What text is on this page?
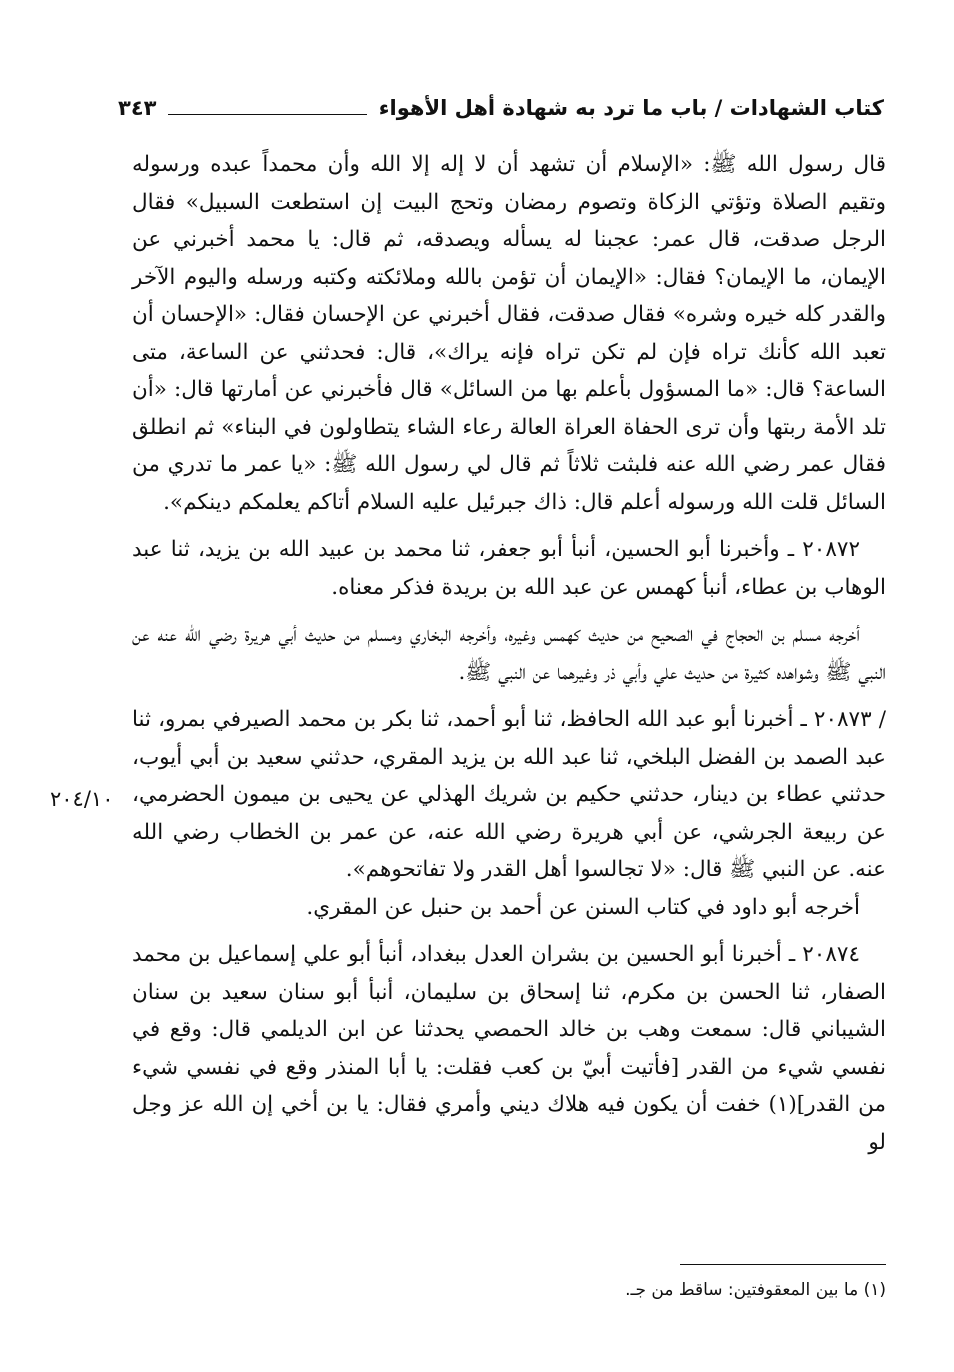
كتاب الشهادات / باب ما ترد به شهادة أهل الأهواء
٣٤٣
٢٠٤/١٠

قال رسول الله ﷺ: «الإسلام أن تشهد أن لا إله إلا الله وأن محمداً عبده ورسوله وتقيم الصلاة وتؤتي الزكاة وتصوم رمضان وتحج البيت إن استطعت السبيل» فقال الرجل صدقت، قال عمر: عجبنا له يسأله ويصدقه، ثم قال: يا محمد أخبرني عن الإيمان، ما الإيمان؟ فقال: «الإيمان أن تؤمن بالله وملائكته وكتبه ورسله واليوم الآخر والقدر كله خيره وشره» فقال صدقت، فقال أخبرني عن الإحسان فقال: «الإحسان أن تعبد الله كأنك تراه فإن لم تكن تراه فإنه يراك»، قال: فحدثني عن الساعة، متى الساعة؟ قال: «ما المسؤول بأعلم بها من السائل» قال فأخبرني عن أمارتها قال: «أن تلد الأمة ربتها وأن ترى الحفاة العراة العالة رعاء الشاء يتطاولون في البناء» ثم انطلق فقال عمر رضي الله عنه فلبثت ثلاثاً ثم قال لي رسول الله ﷺ: «يا عمر ما تدري من السائل قلت الله ورسوله أعلم قال: ذاك جبرئيل عليه السلام أتاكم يعلمكم دينكم».

٢٠٨٧٢ ـ وأخبرنا أبو الحسين، أنبأ أبو جعفر، ثنا محمد بن عبيد الله بن يزيد، ثنا عبد الوهاب بن عطاء، أنبأ كهمس عن عبد الله بن بريدة فذكر معناه.

أخرجه مسلم بن الحجاج في الصحيح من حديث كهمس وغيره، وأخرجه البخاري ومسلم من حديث أبي هريرة رضي الله عنه عن النبي ﷺ وشواهده كثيرة من حديث علي وأبي ذر وغيرهما عن النبي ﷺ.

/ ٢٠٨٧٣ ـ أخبرنا أبو عبد الله الحافظ، ثنا أبو أحمد، ثنا بكر بن محمد الصيرفي بمرو، ثنا عبد الصمد بن الفضل البلخي، ثنا عبد الله بن يزيد المقري، حدثني سعيد بن أبي أيوب، حدثني عطاء بن دينار، حدثني حكيم بن شريك الهذلي عن يحيى بن ميمون الحضرمي، عن ربيعة الجرشي، عن أبي هريرة رضي الله عنه، عن عمر بن الخطاب رضي الله عنه. عن النبي ﷺ قال: «لا تجالسوا أهل القدر ولا تفاتحوهم».

أخرجه أبو داود في كتاب السنن عن أحمد بن حنبل عن المقري.

٢٠٨٧٤ ـ أخبرنا أبو الحسين بن بشران العدل ببغداد، أنبأ أبو علي إسماعيل بن محمد الصفار، ثنا الحسن بن مكرم، ثنا إسحاق بن سليمان، أنبأ أبو سنان سعيد بن سنان الشيباني قال: سمعت وهب بن خالد الحمصي يحدثنا عن ابن الديلمي قال: وقع في نفسي شيء من القدر [فأتيت أبيّ بن كعب فقلت: يا أبا المنذر وقع في نفسي شيء من القدر](١) خفت أن يكون فيه هلاك ديني وأمري فقال: يا بن أخي إن الله عز وجل لو

(١) ما بين المعقوفتين: ساقط من جـ.
